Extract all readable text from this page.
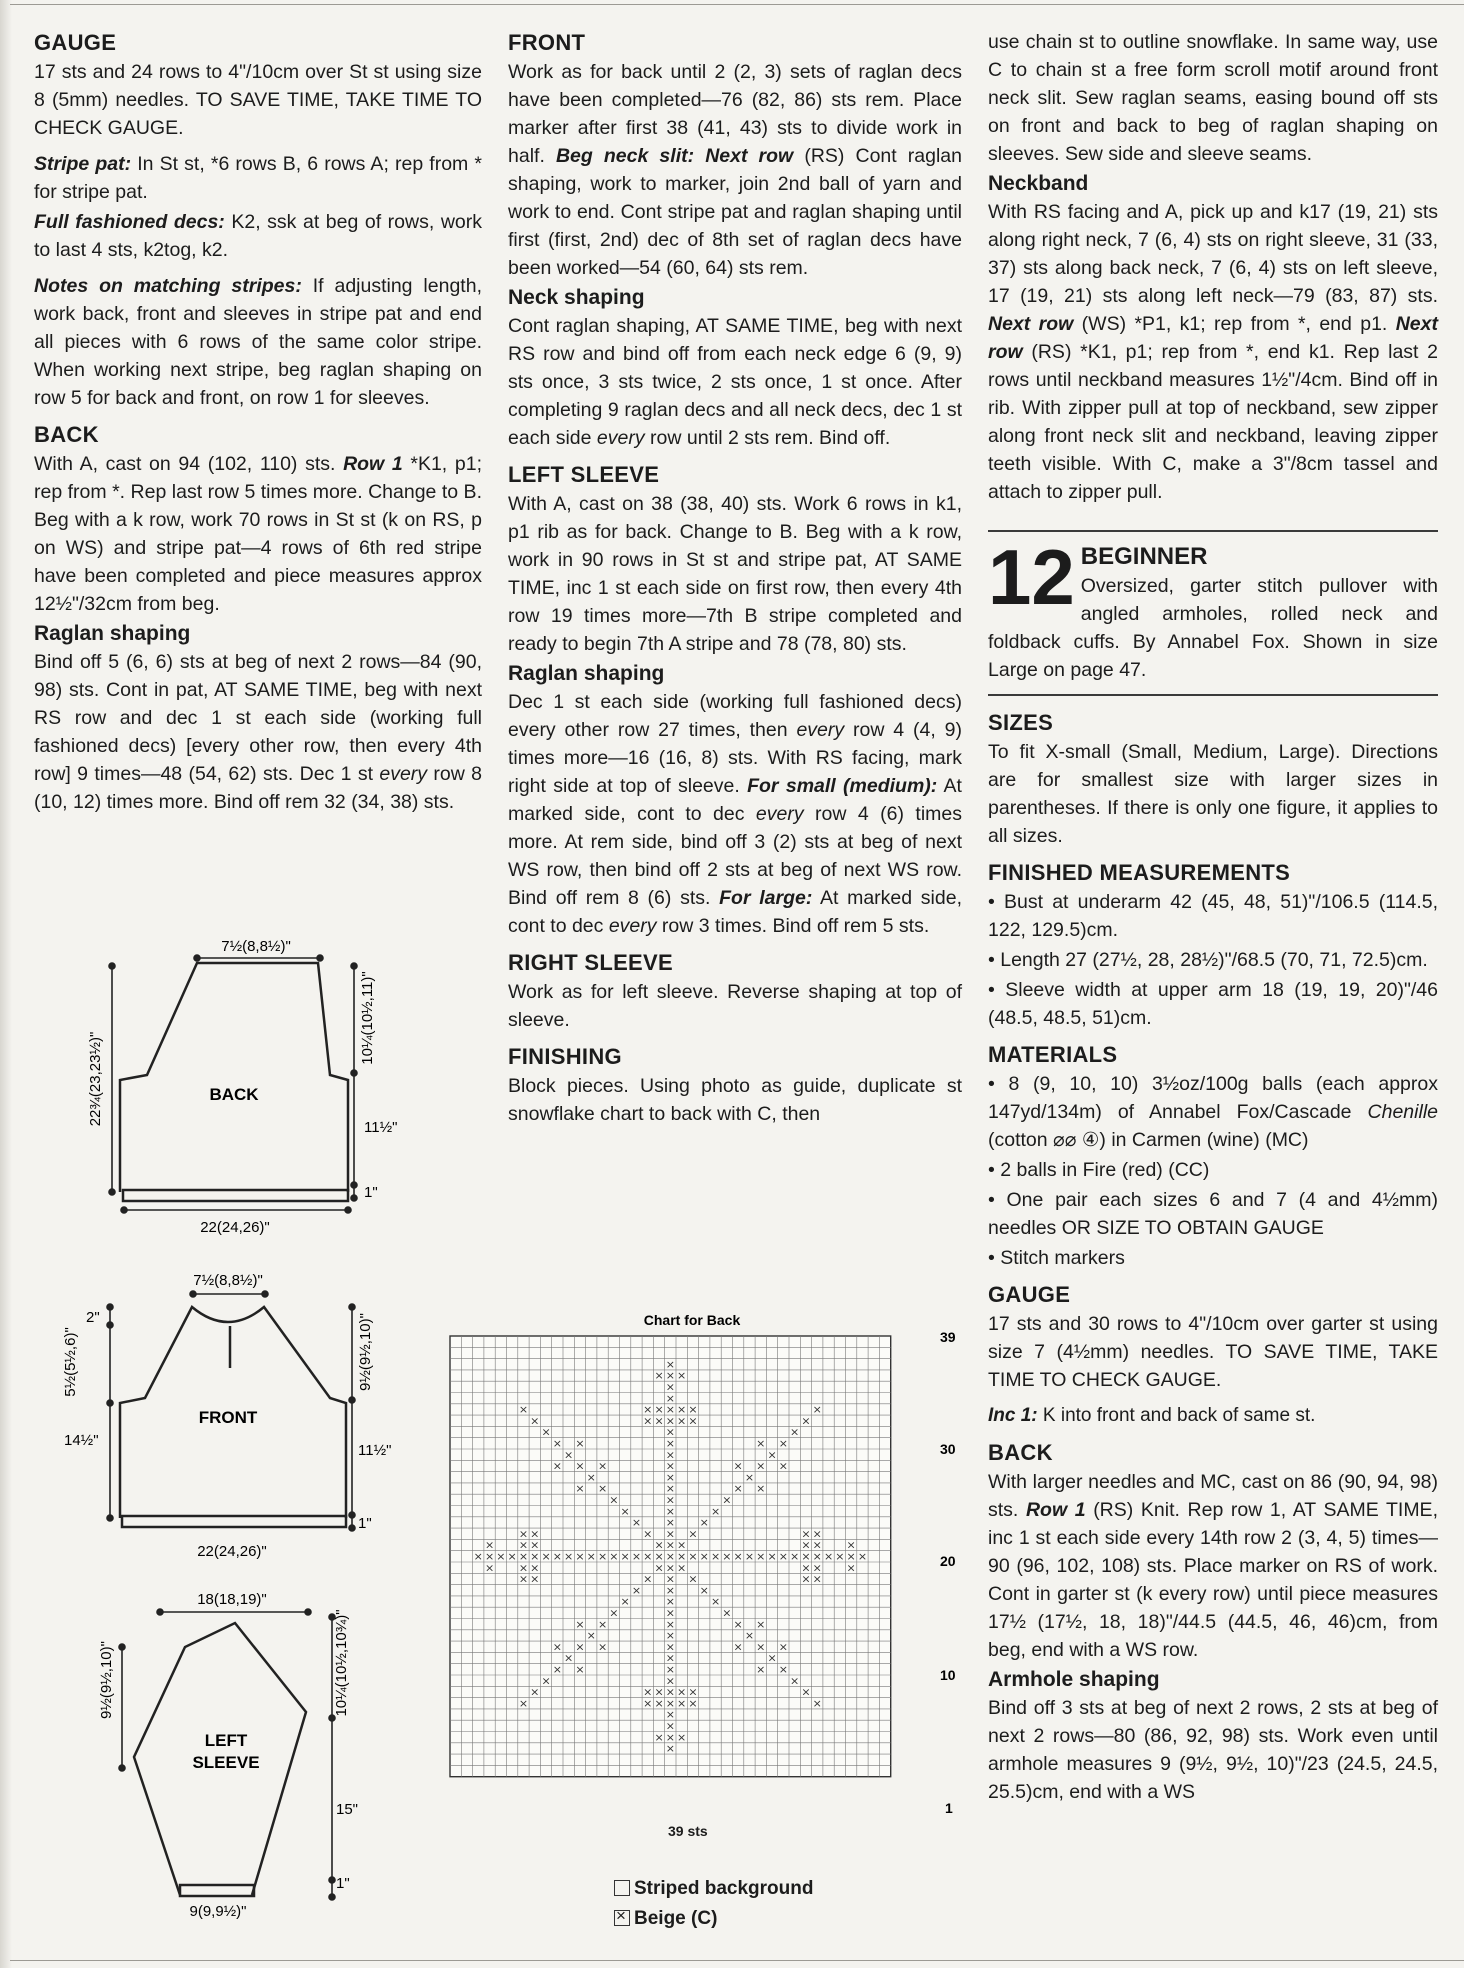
GAUGE

17 sts and 24 rows to 4"/10cm over St st using size 8 (5mm) needles. TO SAVE TIME, TAKE TIME TO CHECK GAUGE.

Stripe pat: In St st, *6 rows B, 6 rows A; rep from * for stripe pat.

Full fashioned decs: K2, ssk at beg of rows, work to last 4 sts, k2tog, k2.

Notes on matching stripes: If adjusting length, work back, front and sleeves in stripe pat and end all pieces with 6 rows of the same color stripe. When working next stripe, beg raglan shaping on row 5 for back and front, on row 1 for sleeves.

BACK

With A, cast on 94 (102, 110) sts. Row 1 *K1, p1; rep from *. Rep last row 5 times more. Change to B. Beg with a k row, work 70 rows in St st (k on RS, p on WS) and stripe pat—4 rows of 6th red stripe have been completed and piece measures approx 12½"/32cm from beg.

Raglan shaping

Bind off 5 (6, 6) sts at beg of next 2 rows—84 (90, 98) sts. Cont in pat, AT SAME TIME, beg with next RS row and dec 1 st each side (working full fashioned decs) [every other row, then every 4th row] 9 times—48 (54, 62) sts. Dec 1 st every row 8 (10, 12) times more. Bind off rem 32 (34, 38) sts.

FRONT

Work as for back until 2 (2, 3) sets of raglan decs have been completed—76 (82, 86) sts rem. Place marker after first 38 (41, 43) sts to divide work in half. Beg neck slit: Next row (RS) Cont raglan shaping, work to marker, join 2nd ball of yarn and work to end. Cont stripe pat and raglan shaping until first (first, 2nd) dec of 8th set of raglan decs have been worked—54 (60, 64) sts rem.

Neck shaping

Cont raglan shaping, AT SAME TIME, beg with next RS row and bind off from each neck edge 6 (9, 9) sts once, 3 sts twice, 2 sts once, 1 st once. After completing 9 raglan decs and all neck decs, dec 1 st each side every row until 2 sts rem. Bind off.

LEFT SLEEVE

With A, cast on 38 (38, 40) sts. Work 6 rows in k1, p1 rib as for back. Change to B. Beg with a k row, work in 90 rows in St st and stripe pat, AT SAME TIME, inc 1 st each side on first row, then every 4th row 19 times more—7th B stripe completed and ready to begin 7th A stripe and 78 (78, 80) sts.

Raglan shaping

Dec 1 st each side (working full fashioned decs) every other row 27 times, then every row 4 (4, 9) times more—16 (16, 8) sts. With RS facing, mark right side at top of sleeve. For small (medium): At marked side, cont to dec every row 4 (6) times more. At rem side, bind off 3 (2) sts at beg of next WS row, then bind off 2 sts at beg of next WS row. Bind off rem 8 (6) sts. For large: At marked side, cont to dec every row 3 times. Bind off rem 5 sts.

RIGHT SLEEVE

Work as for left sleeve. Reverse shaping at top of sleeve.

FINISHING

Block pieces. Using photo as guide, duplicate st snowflake chart to back with C, then

use chain st to outline snowflake. In same way, use C to chain st a free form scroll motif around front neck slit. Sew raglan seams, easing bound off sts on front and back to beg of raglan shaping on sleeves. Sew side and sleeve seams.

Neckband

With RS facing and A, pick up and k17 (19, 21) sts along right neck, 7 (6, 4) sts on right sleeve, 31 (33, 37) sts along back neck, 7 (6, 4) sts on left sleeve, 17 (19, 21) sts along left neck—79 (83, 87) sts. Next row (WS) *P1, k1; rep from *, end p1. Next row (RS) *K1, p1; rep from *, end k1. Rep last 2 rows until neckband measures 1½"/4cm. Bind off in rib. With zipper pull at top of neckband, sew zipper along front neck slit and neckband, leaving zipper teeth visible. With C, make a 3"/8cm tassel and attach to zipper pull.

12 BEGINNER

Oversized, garter stitch pullover with angled armholes, rolled neck and foldback cuffs. By Annabel Fox. Shown in size Large on page 47.

SIZES

To fit X-small (Small, Medium, Large). Directions are for smallest size with larger sizes in parentheses. If there is only one figure, it applies to all sizes.

FINISHED MEASUREMENTS

• Bust at underarm 42 (45, 48, 51)"/106.5 (114.5, 122, 129.5)cm.

• Length 27 (27½, 28, 28½)"/68.5 (70, 71, 72.5)cm.

• Sleeve width at upper arm 18 (19, 19, 20)"/46 (48.5, 48.5, 51)cm.

MATERIALS

• 8 (9, 10, 10) 3½oz/100g balls (each approx 147yd/134m) of Annabel Fox/Cascade Chenille (cotton ⌀⌀ ④) in Carmen (wine) (MC)

• 2 balls in Fire (red) (CC)

• One pair each sizes 6 and 7 (4 and 4½mm) needles OR SIZE TO OBTAIN GAUGE

• Stitch markers

GAUGE

17 sts and 30 rows to 4"/10cm over garter st using size 7 (4½mm) needles. TO SAVE TIME, TAKE TIME TO CHECK GAUGE.

Inc 1: K into front and back of same st.

BACK

With larger needles and MC, cast on 86 (90, 94, 98) sts. Row 1 (RS) Knit. Rep row 1, AT SAME TIME, inc 1 st each side every 14th row 2 (3, 4, 5) times—90 (96, 102, 108) sts. Place marker on RS of work. Cont in garter st (k every row) until piece measures 17½ (17½, 18, 18)"/44.5 (44.5, 46, 46)cm, from beg, end with a WS row.

Armhole shaping

Bind off 3 sts at beg of next 2 rows, 2 sts at beg of next 2 rows—80 (86, 92, 98) sts. Work even until armhole measures 9 (9½, 9½, 10)"/23 (24.5, 24.5, 25.5)cm, end with a WS

7½(8,8½)"
BACK
22¾(23,23½)"
10¼(10½,11)"
11½"
1"
22(24,26)"
7½(8,8½)"
FRONT
2"
5½(5½,6)"
14½"
9½(9½,10)"
11½"
1"
22(24,26)"
18(18,19)"
LEFT
SLEEVE
9½(9½,10)"	10¼(10½,10¾)"
15"
1"
9(9,9½)"
Chart for Back
×
× × ×
×
×
×	× × × × ×	×
×	× × × × ×	×
×	×	×
× ×	×	× ×
×	×	×
× × ×	×	× × ×
×	×	×
× ×	×	× ×
×	×	×
×	×	×
× × ×
× ×	× × ×	× ×
× × ×	× × ×	× × ×
× × × × × × × × × × × × × × × × × × × × × × × × × × × × × × × × × × ×
× × ×	× × ×	× × ×
× ×	× × ×	× ×
× × ×
×	×	×
×	×	×
× ×	×	× ×
×	×	×
× × ×	×	× × ×
×	×	×
× ×	×	× ×
×	×	×
×	× × × × ×	×
×	× × × × ×	×
×
×
× × ×
×
39
30
20
10
1
39 sts
Striped background
×Beige (C)
